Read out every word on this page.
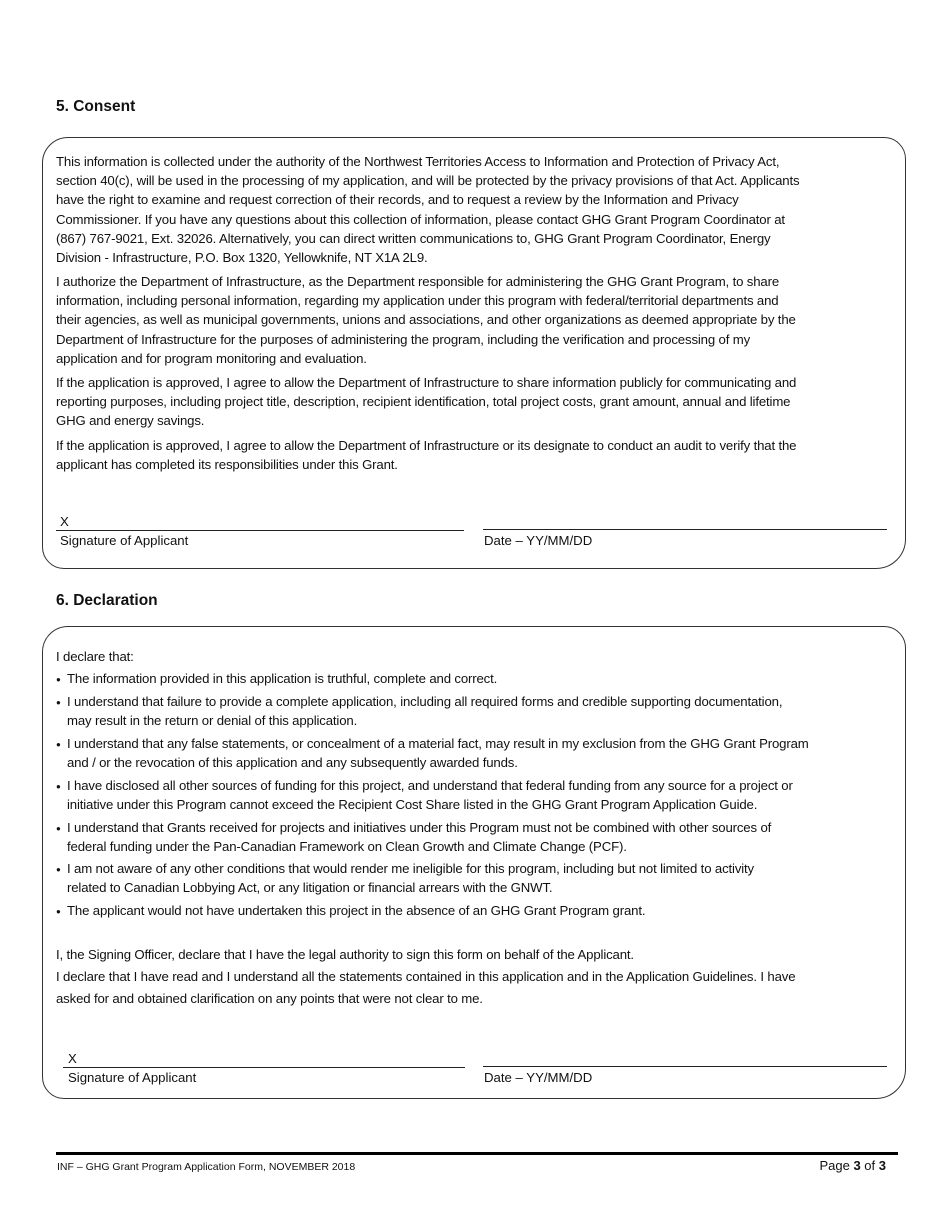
5. Consent
This information is collected under the authority of the Northwest Territories Access to Information and Protection of Privacy Act,
section 40(c), will be used in the processing of my application, and will be protected by the privacy provisions of that Act. Applicants
have the right to examine and request correction of their records, and to request a review by the Information and Privacy
Commissioner. If you have any questions about this collection of information, please contact GHG Grant Program Coordinator at
(867) 767-9021, Ext. 32026. Alternatively, you can direct written communications to, GHG Grant Program Coordinator, Energy
Division - Infrastructure, P.O. Box 1320, Yellowknife, NT X1A 2L9.
I authorize the Department of Infrastructure, as the Department responsible for administering the GHG Grant Program, to share
information, including personal information, regarding my application under this program with federal/territorial departments and
their agencies, as well as municipal governments, unions and associations, and other organizations as deemed appropriate by the
Department of Infrastructure for the purposes of administering the program, including the verification and processing of my
application and for program monitoring and evaluation.
If the application is approved, I agree to allow the Department of Infrastructure to share information publicly for communicating and
reporting purposes, including project title, description, recipient identification, total project costs, grant amount, annual and lifetime
GHG and energy savings.
If the application is approved, I agree to allow the Department of Infrastructure or its designate to conduct an audit to verify that the
applicant has completed its responsibilities under this Grant.
X
Signature of Applicant	Date – YY/MM/DD
6. Declaration
I declare that:
● The information provided in this application is truthful, complete and correct.
● I understand that failure to provide a complete application, including all required forms and credible supporting documentation,
may result in the return or denial of this application.
● I understand that any false statements, or concealment of a material fact, may result in my exclusion from the GHG Grant Program
and / or the revocation of this application and any subsequently awarded funds.
● I have disclosed all other sources of funding for this project, and understand that federal funding from any source for a project or
initiative under this Program cannot exceed the Recipient Cost Share listed in the GHG Grant Program Application Guide.
● I understand that Grants received for projects and initiatives under this Program must not be combined with other sources of
federal funding under the Pan-Canadian Framework on Clean Growth and Climate Change (PCF).
● I am not aware of any other conditions that would render me ineligible for this program, including but not limited to activity
related to Canadian Lobbying Act, or any litigation or financial arrears with the GNWT.
● The applicant would not have undertaken this project in the absence of an GHG Grant Program grant.
I, the Signing Officer, declare that I have the legal authority to sign this form on behalf of the Applicant.
I declare that I have read and I understand all the statements contained in this application and in the Application Guidelines. I have
asked for and obtained clarification on any points that were not clear to me.
X
Signature of Applicant	Date – YY/MM/DD
INF – GHG Grant Program Application Form, NOVEMBER 2018	Page 3 of 3
